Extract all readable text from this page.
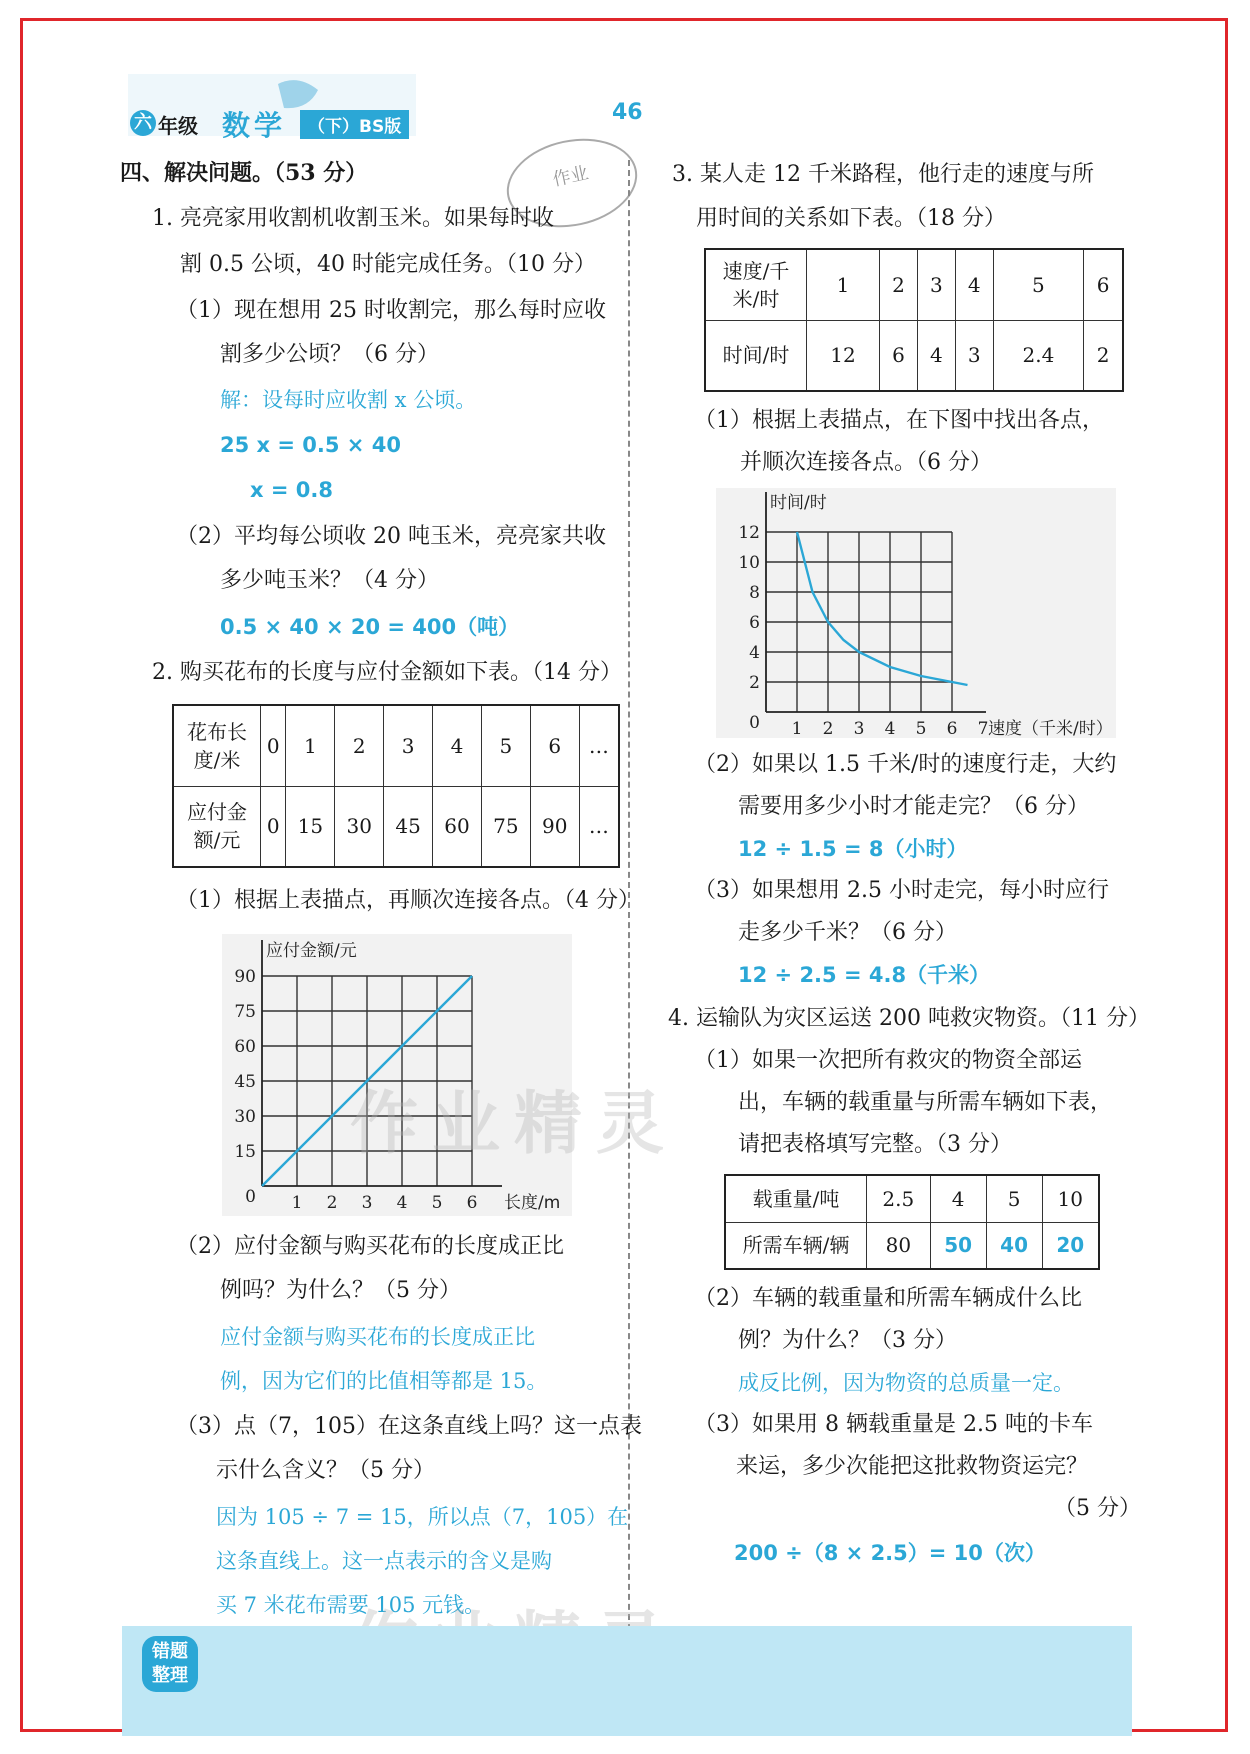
六 年级 数学	（下）BS版
46
作业
四、解决问题。（53 分）
1. 亮亮家用收割机收割玉米。如果每时收
割 0.5 公顷，40 时能完成任务。（10 分）
（1）现在想用 25 时收割完，那么每时应收
割多少公顷？（6 分）
解：设每时应收割 x 公顷。
25 x = 0.5 × 40
x = 0.8
（2）平均每公顷收 20 吨玉米，亮亮家共收
多少吨玉米？（4 分）
0.5 × 40 × 20 = 400（吨）
2. 购买花布的长度与应付金额如下表。（14 分）
花布长
度/米	0	1	2	3	4	5	6	…
应付金
额/元	0	15	30	45	60	75	90	…
（1）根据上表描点，再顺次连接各点。（4 分）
1 2 3 4 5 6
0
15
30
45
60
75
90
长度/m
应付金额/元
（2）应付金额与购买花布的长度成正比
例吗？为什么？（5 分）
应付金额与购买花布的长度成正比
例，因为它们的比值相等都是 15。
（3）点（7，105）在这条直线上吗？这一点表
示什么含义？（5 分）
因为 105 ÷ 7 = 15，所以点（7，105）在
这条直线上。这一点表示的含义是购
买 7 米花布需要 105 元钱。
3. 某人走 12 千米路程，他行走的速度与所
用时间的关系如下表。（18 分）
速度/千
米/时	1	2	3	4	5	6
时间/时	12	6	4	3	2.4	2
（1）根据上表描点，在下图中找出各点，
并顺次连接各点。（6 分）
1 2 3 4 5 6 7
0
2
4
6
8
10
12
速度（千米/时）
时间/时
（2）如果以 1.5 千米/时的速度行走，大约
需要用多少小时才能走完？（6 分）
12 ÷ 1.5 = 8（小时）
（3）如果想用 2.5 小时走完，每小时应行
走多少千米？（6 分）
12 ÷ 2.5 = 4.8（千米）
4. 运输队为灾区运送 200 吨救灾物资。（11 分）
（1）如果一次把所有救灾的物资全部运
出，车辆的载重量与所需车辆如下表，
请把表格填写完整。（3 分）
载重量/吨	2.5	4	5	10
所需车辆/辆	80	50	40	20
（2）车辆的载重量和所需车辆成什么比
例？为什么？（3 分）
成反比例，因为物资的总质量一定。
（3）如果用 8 辆载重量是 2.5 吨的卡车
来运，多少次能把这批救物资运完？
（5 分）
200 ÷（8 × 2.5）= 10（次）
作业精灵
错题
整理
